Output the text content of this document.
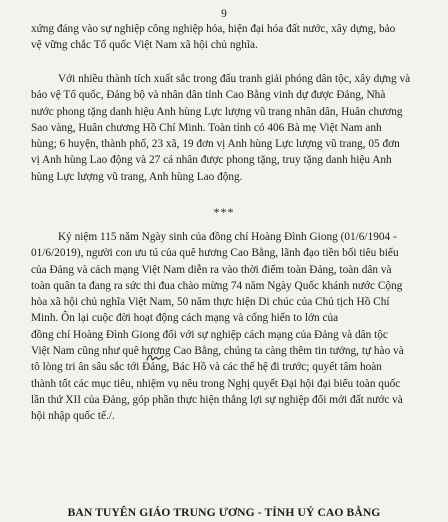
9
xứng đáng vào sự nghiệp công nghiệp hóa, hiện đại hóa đất nước, xây dựng, bảo
vệ vững chắc Tổ quốc Việt Nam xã hội chủ nghĩa.
Với nhiều thành tích xuất sắc trong đấu tranh giải phóng dân tộc, xây dựng và
bảo vệ Tổ quốc, Đảng bộ và nhân dân tỉnh Cao Bằng vinh dự được Đảng, Nhà
nước phong tặng danh hiệu Anh hùng Lực lượng vũ trang nhân dân, Huân chương
Sao vàng, Huân chương Hồ Chí Minh. Toàn tỉnh có 406 Bà mẹ Việt Nam anh
hùng; 6 huyện, thành phố, 23 xã, 19 đơn vị Anh hùng Lực lượng vũ trang, 05 đơn
vị Anh hùng Lao động và 27 cá nhân được phong tặng, truy tặng danh hiệu Anh
hùng Lực lượng vũ trang, Anh hùng Lao động.
***
Kỷ niệm 115 năm Ngày sinh của đồng chí Hoàng Đình Giong (01/6/1904 -
01/6/2019), người con ưu tú của quê hương Cao Bằng, lãnh đạo tiền bối tiêu biểu
của Đảng và cách mạng Việt Nam diễn ra vào thời điểm toàn Đảng, toàn dân và
toàn quân ta đang ra sức thi đua chào mừng 74 năm Ngày Quốc khánh nước Cộng
hòa xã hội chủ nghĩa Việt Nam, 50 năm thực hiện Di chúc của Chủ tịch Hồ Chí
Minh. Ôn lại cuộc đời hoạt động cách mạng và cống hiến to lớn của
đồng chí Hoàng Đình Giong đối với sự nghiệp cách mạng của Đảng và dân tộc
Việt Nam cũng như quê hương Cao Bằng, chúng ta càng thêm tin tưởng, tự hào và
tô lòng tri ân sâu sắc tới Đảng, Bác Hồ và các thế hệ đi trước; quyết tâm hoàn
thành tốt các mục tiêu, nhiệm vụ nêu trong Nghị quyết Đại hội đại biểu toàn quốc
lần thứ XII của Đảng, góp phần thực hiện thắng lợi sự nghiệp đổi mới đất nước và
hội nhập quốc tế./.
BAN TUYÊN GIÁO TRUNG ƯƠNG - TỈNH UỶ CAO BẰNG
